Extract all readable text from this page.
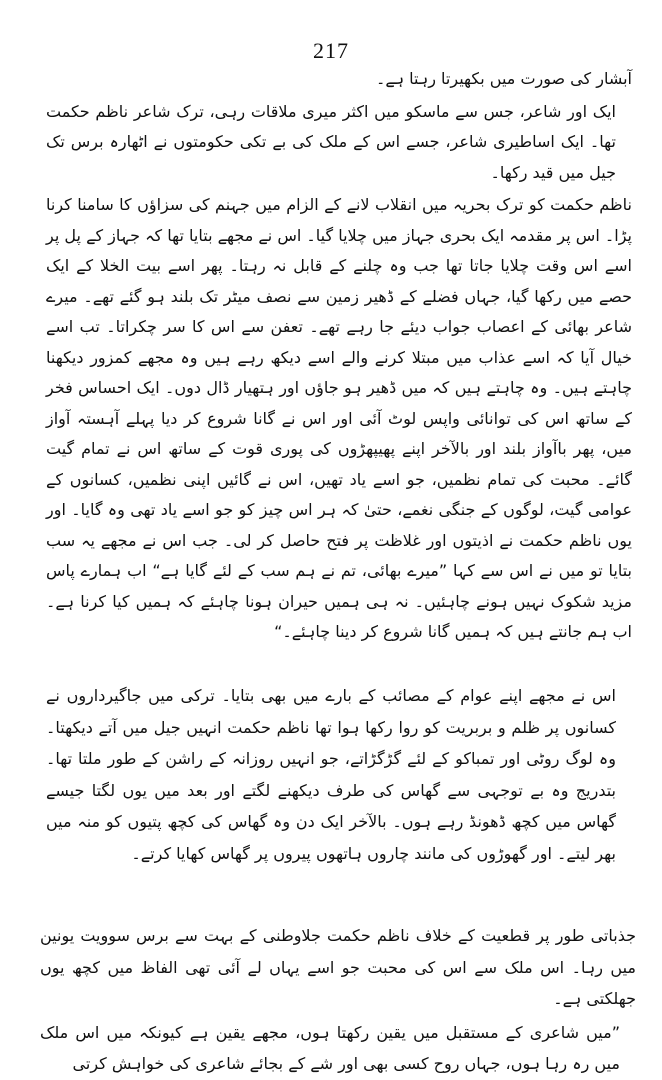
217

آبشار کی صورت میں بکھیرتا رہتا ہے۔

ایک اور شاعر، جس سے ماسکو میں اکثر میری ملاقات رہی، ترک شاعر ناظم حکمت تھا۔ ایک اساطیری شاعر، جسے اس کے ملک کی بے تکی حکومتوں نے اٹھارہ برس تک جیل میں قید رکھا۔

ناظم حکمت کو ترک بحریہ میں انقلاب لانے کے الزام میں جہنم کی سزاؤں کا سامنا کرنا پڑا۔ اس پر مقدمہ ایک بحری جہاز میں چلایا گیا۔ اس نے مجھے بتایا تھا کہ جہاز کے پل پر اسے اس وقت چلایا جاتا تھا جب وہ چلنے کے قابل نہ رہتا۔ پھر اسے بیت الخلا کے ایک حصے میں رکھا گیا، جہاں فضلے کے ڈھیر زمین سے نصف میٹر تک بلند ہو گئے تھے۔ میرے شاعر بھائی کے اعصاب جواب دیئے جا رہے تھے۔ تعفن سے اس کا سر چکراتا۔ تب اسے خیال آیا کہ اسے عذاب میں مبتلا کرنے والے اسے دیکھ رہے ہیں وہ مجھے کمزور دیکھنا چاہتے ہیں۔ وہ چاہتے ہیں کہ میں ڈھیر ہو جاؤں اور ہتھیار ڈال دوں۔ ایک احساس فخر کے ساتھ اس کی توانائی واپس لوٹ آئی اور اس نے گانا شروع کر دیا پہلے آہستہ آواز میں، پھر باآواز بلند اور بالآخر اپنے پھیپھڑوں کی پوری قوت کے ساتھ اس نے تمام گیت گائے۔ محبت کی تمام نظمیں، جو اسے یاد تھیں، اس نے گائیں اپنی نظمیں، کسانوں کے عوامی گیت، لوگوں کے جنگی نغمے، حتیٰ کہ ہر اس چیز کو جو اسے یاد تھی وہ گایا۔ اور یوں ناظم حکمت نے اذیتوں اور غلاظت پر فتح حاصل کر لی۔ جب اس نے مجھے یہ سب بتایا تو میں نے اس سے کہا ”میرے بھائی، تم نے ہم سب کے لئے گایا ہے“ اب ہمارے پاس مزید شکوک نہیں ہونے چاہئیں۔ نہ ہی ہمیں حیران ہونا چاہئے کہ ہمیں کیا کرنا ہے۔ اب ہم جانتے ہیں کہ ہمیں گانا شروع کر دینا چاہئے۔“

اس نے مجھے اپنے عوام کے مصائب کے بارے میں بھی بتایا۔ ترکی میں جاگیرداروں نے کسانوں پر ظلم و بربریت کو روا رکھا ہوا تھا ناظم حکمت انہیں جیل میں آتے دیکھتا۔ وہ لوگ روٹی اور تمباکو کے لئے گڑگڑاتے، جو انہیں روزانہ کے راشن کے طور ملتا تھا۔ بتدریج وہ بے توجہی سے گھاس کی طرف دیکھنے لگتے اور بعد میں یوں لگتا جیسے گھاس میں کچھ ڈھونڈ رہے ہوں۔ بالآخر ایک دن وہ گھاس کی کچھ پتیوں کو منہ میں بھر لیتے۔ اور گھوڑوں کی مانند چاروں ہاتھوں پیروں پر گھاس کھایا کرتے۔

جذباتی طور پر قطعیت کے خلاف ناظم حکمت جلاوطنی کے بہت سے برس سوویت یونین میں رہا۔ اس ملک سے اس کی محبت جو اسے یہاں لے آئی تھی الفاظ میں کچھ یوں جھلکتی ہے۔

”میں شاعری کے مستقبل میں یقین رکھتا ہوں، مجھے یقین ہے کیونکہ میں اس ملک میں رہ رہا ہوں، جہاں روح کسی بھی اور شے کے بجائے شاعری کی خواہش کرتی
